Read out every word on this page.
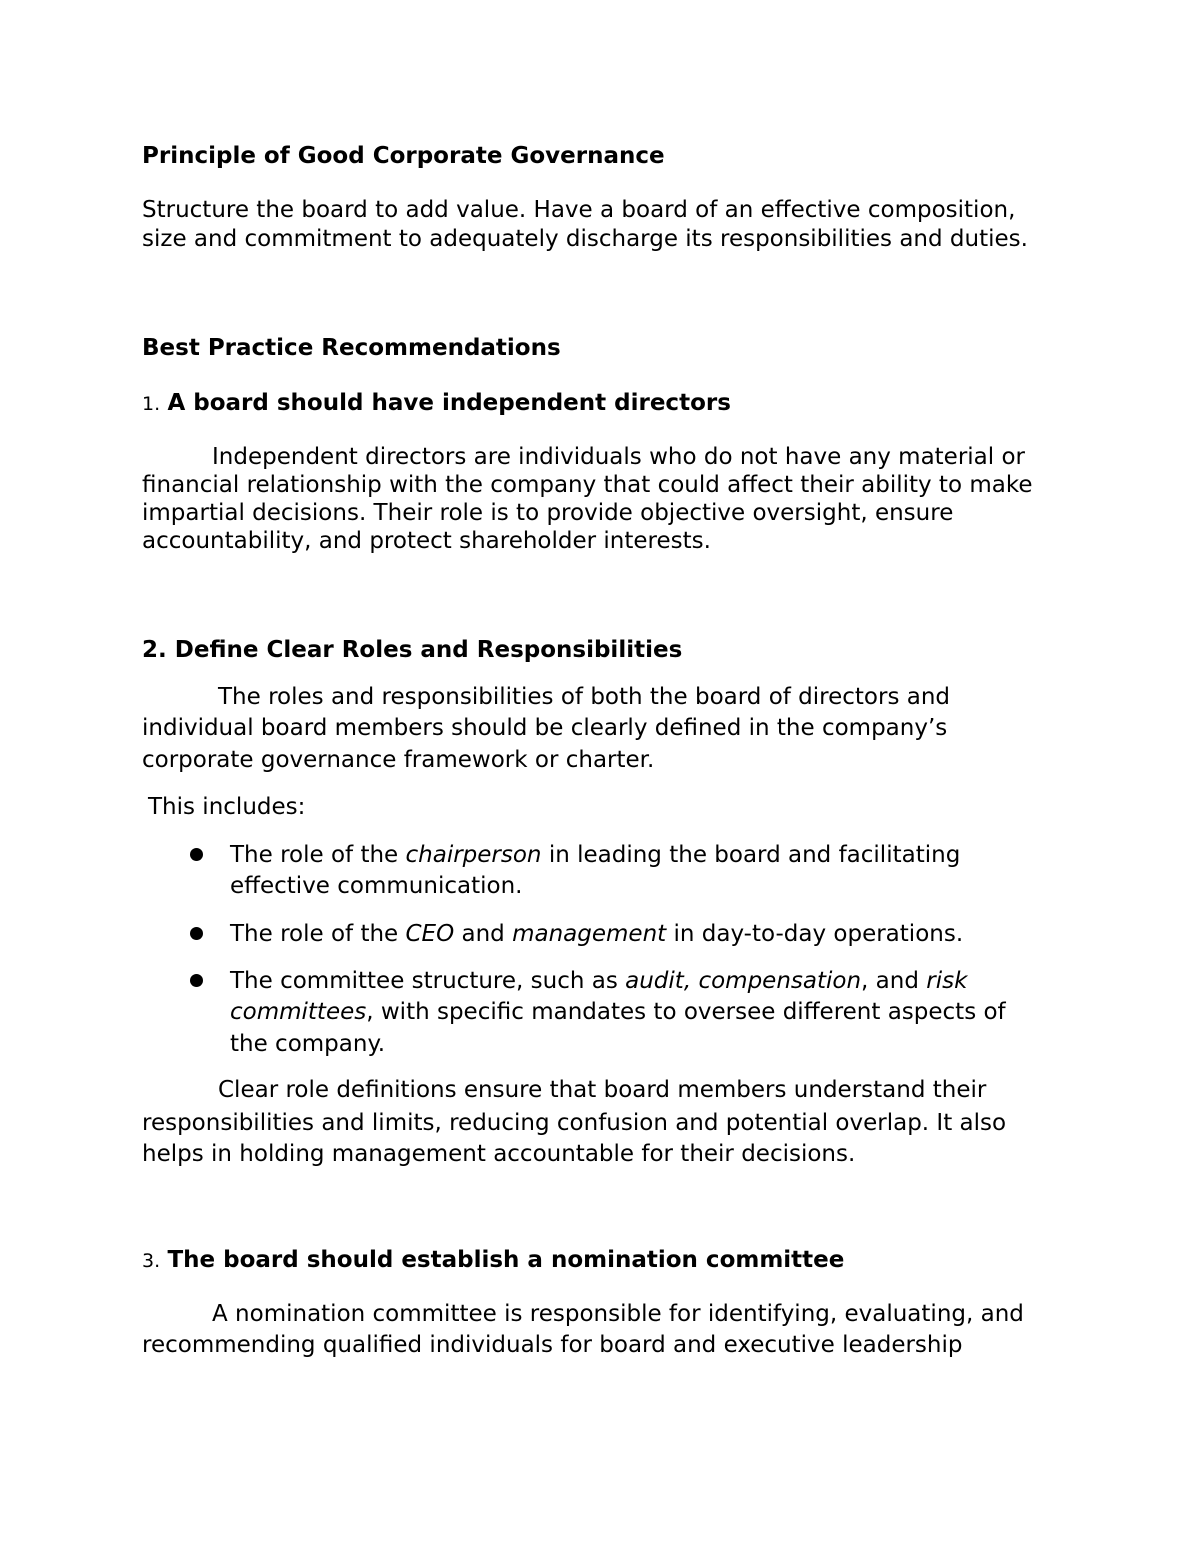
Principle of Good Corporate Governance
Structure the board to add value. Have a board of an effective composition,
size and commitment to adequately discharge its responsibilities and duties.
Best Practice Recommendations
1. A board should have independent directors
Independent directors are individuals who do not have any material or
financial relationship with the company that could affect their ability to make
impartial decisions. Their role is to provide objective oversight, ensure
accountability, and protect shareholder interests.
2. Define Clear Roles and Responsibilities
The roles and responsibilities of both the board of directors and
individual board members should be clearly defined in the company’s
corporate governance framework or charter.
This includes:
The role of the chairperson in leading the board and facilitating
effective communication.
The role of the CEO and management in day-to-day operations.
The committee structure, such as audit, compensation, and risk
committees, with specific mandates to oversee different aspects of
the company.
Clear role definitions ensure that board members understand their
responsibilities and limits, reducing confusion and potential overlap. It also
helps in holding management accountable for their decisions.
3. The board should establish a nomination committee
A nomination committee is responsible for identifying, evaluating, and
recommending qualified individuals for board and executive leadership
